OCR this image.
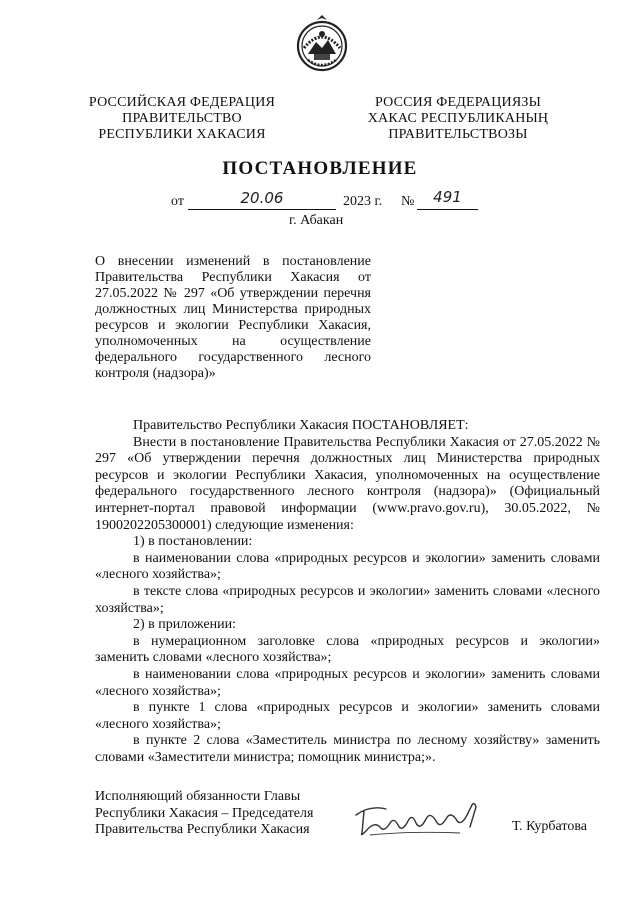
РОССИЙСКАЯ ФЕДЕРАЦИЯ
ПРАВИТЕЛЬСТВО
РЕСПУБЛИКИ ХАКАСИЯ
РОССИЯ ФЕДЕРАЦИЯЗЫ
ХАКАС РЕСПУБЛИКАНЫҢ
ПРАВИТЕЛЬСТВОЗЫ
ПОСТАНОВЛЕНИЕ
от	20.06	2023 г. №	491
г. Абакан
О внесении изменений в постановление Правительства Республики Хакасия от 27.05.2022 № 297 «Об утверждении перечня должностных лиц Министерства природных ресурсов и экологии Республики Хакасия, уполномоченных на осуществление федерального государственного лесного контроля (надзора)»

Правительство Республики Хакасия ПОСТАНОВЛЯЕТ:

Внести в постановление Правительства Республики Хакасия от 27.05.2022 № 297 «Об утверждении перечня должностных лиц Министерства природных ресурсов и экологии Республики Хакасия, уполномоченных на осуществление федерального государственного лесного контроля (надзора)» (Официальный интернет-портал правовой информации (www.pravo.gov.ru), 30.05.2022, № 1900202205300001) следующие изменения:

1) в постановлении:

в наименовании слова «природных ресурсов и экологии» заменить словами «лесного хозяйства»;

в тексте слова «природных ресурсов и экологии» заменить словами «лесного хозяйства»;

2) в приложении:

в нумерационном заголовке слова «природных ресурсов и экологии» заменить словами «лесного хозяйства»;

в наименовании слова «природных ресурсов и экологии» заменить словами «лесного хозяйства»;

в пункте 1 слова «природных ресурсов и экологии» заменить словами «лесного хозяйства»;

в пункте 2 слова «Заместитель министра по лесному хозяйству» заменить словами «Заместители министра; помощник министра;».

Исполняющий обязанности Главы
Республики Хакасия – Председателя
Правительства Республики Хакасия	Т. Курбатова
